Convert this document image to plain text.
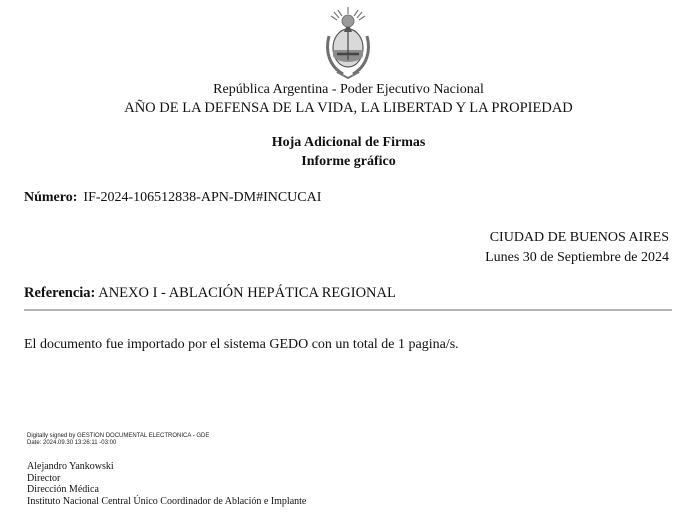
República Argentina - Poder Ejecutivo Nacional
AÑO DE LA DEFENSA DE LA VIDA, LA LIBERTAD Y LA PROPIEDAD
Hoja Adicional de Firmas
Informe gráfico
Número: IF-2024-106512838-APN-DM#INCUCAI
CIUDAD DE BUENOS AIRES
Lunes 30 de Septiembre de 2024
Referencia: ANEXO I - ABLACIÓN HEPÁTICA REGIONAL
El documento fue importado por el sistema GEDO con un total de 1 pagina/s.
Digitally signed by GESTION DOCUMENTAL ELECTRONICA - GDE
Date: 2024.09.30 13:26:11 -03:00
Alejandro Yankowski
Director
Dirección Médica
Instituto Nacional Central Único Coordinador de Ablación e Implante
